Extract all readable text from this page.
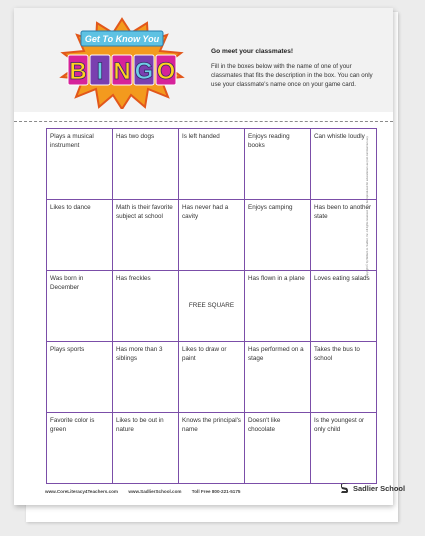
Get To Know You
B I N G O
Go meet your classmates!
Fill in the boxes below with the name of one of your classmates that fits the description in the box. You can only use your classmate's name once on your game card.
Plays a musical instrument	Has two dogs	Is left handed	Enjoys reading books	Can whistle loudly
Likes to dance	Math is their favorite subject at school	Has never had a cavity	Enjoys camping	Has been to another state
Was born in December	Has freckles	FREE SQUARE	Has flown in a plane	Loves eating salads
Plays sports	Has more than 3 siblings	Likes to draw or paint	Has performed on a stage	Takes the bus to school
Favorite color is green	Likes to be out in nature	Knows the principal's name	Doesn't like chocolate	Is the youngest or only child
www.CoreLiteracy4Teachers.com www.SadlierSchool.com Toll Free 800-221-5175	Sadlier School
Copyright © by William H. Sadlier, Inc. All rights reserved. May be reproduced for educational use (not commercial use).
